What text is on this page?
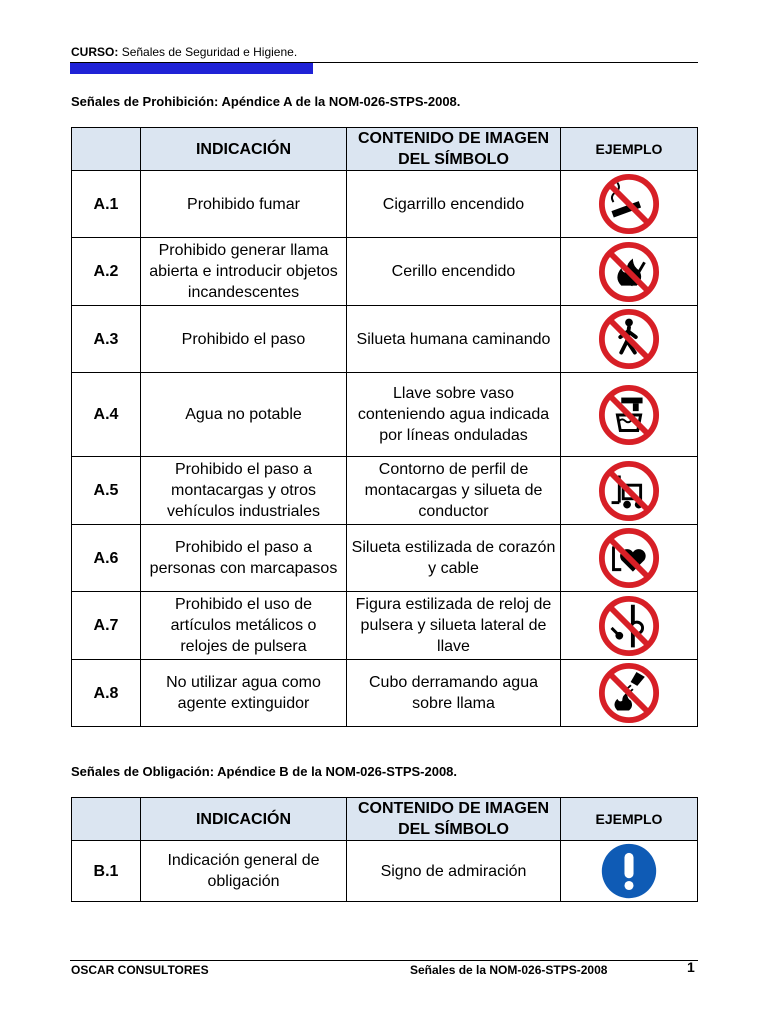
CURSO: Señales de Seguridad e Higiene.
Señales de Prohibición: Apéndice A de la NOM-026-STPS-2008.
	INDICACIÓN	CONTENIDO DE IMAGEN DEL SÍMBOLO	EJEMPLO
A.1	Prohibido fumar	Cigarrillo encendido	

A.2	Prohibido generar llama abierta e introducir objetos incandescentes	Cerillo encendido	

A.3	Prohibido el paso	Silueta humana caminando	

A.4	Agua no potable	Llave sobre vaso conteniendo agua indicada por líneas onduladas	

A.5	Prohibido el paso a montacargas y otros vehículos industriales	Contorno de perfil de montacargas y silueta de conductor	

A.6	Prohibido el paso a personas con marcapasos	Silueta estilizada de corazón y cable	

A.7	Prohibido el uso de artículos metálicos o relojes de pulsera	Figura estilizada de reloj de pulsera y silueta lateral de llave	

A.8	No utilizar agua como agente extinguidor	Cubo derramando agua sobre llama	
Señales de Obligación: Apéndice B de la NOM-026-STPS-2008.
	INDICACIÓN	CONTENIDO DE IMAGEN DEL SÍMBOLO	EJEMPLO
B.1	Indicación general de obligación	Signo de admiración	
OSCAR CONSULTORES	Señales de la NOM-026-STPS-2008	1
